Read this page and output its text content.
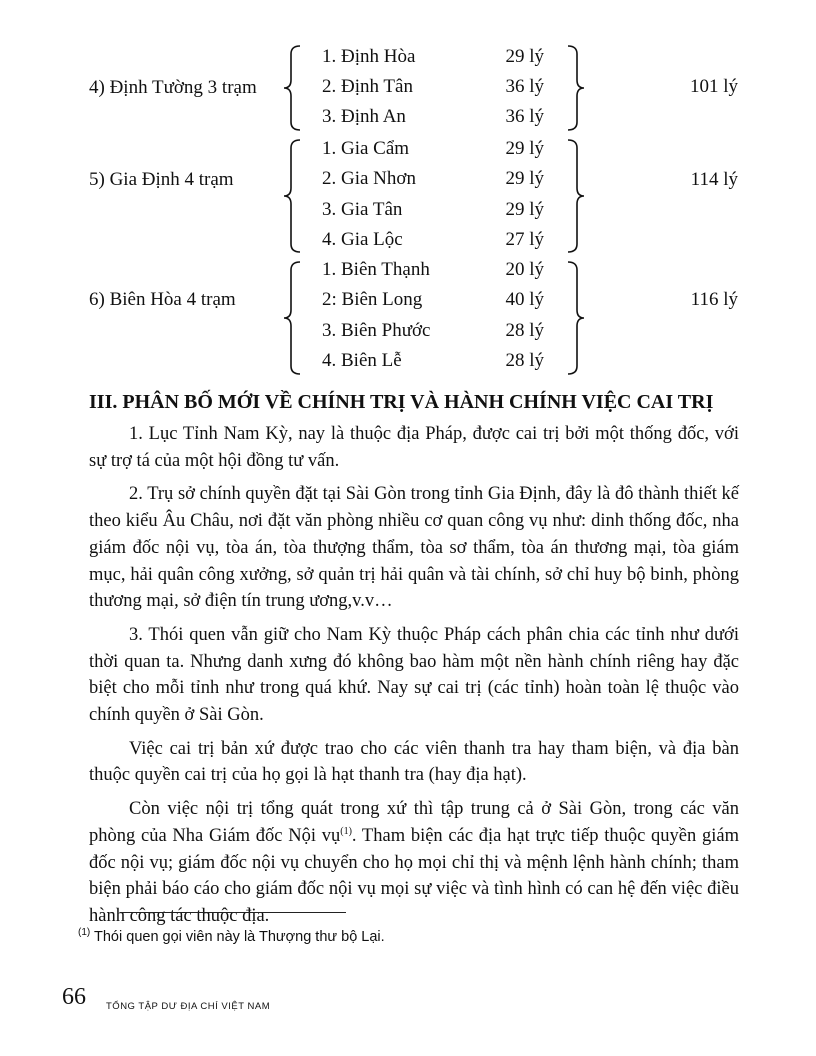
4) Định Tường 3 trạm
1. Định Hòa	29 lý
2. Định Tân	36 lý
3. Định An	36 lý
101 lý
5) Gia Định 4 trạm
1. Gia Cẩm	29 lý
2. Gia Nhơn	29 lý
3. Gia Tân	29 lý
4. Gia Lộc	27 lý
114 lý
6) Biên Hòa 4 trạm
1. Biên Thạnh	20 lý
2: Biên Long	40 lý
3. Biên Phước	28 lý
4. Biên Lễ	28 lý
116 lý
III. PHÂN BỐ MỚI VỀ CHÍNH TRỊ VÀ HÀNH CHÍNH VIỆC CAI TRỊ

1. Lục Tỉnh Nam Kỳ, nay là thuộc địa Pháp, được cai trị bởi một thống đốc, với sự trợ tá của một hội đồng tư vấn.

2. Trụ sở chính quyền đặt tại Sài Gòn trong tỉnh Gia Định, đây là đô thành thiết kế theo kiểu Âu Châu, nơi đặt văn phòng nhiều cơ quan công vụ như: dinh thống đốc, nha giám đốc nội vụ, tòa án, tòa thượng thẩm, tòa sơ thẩm, tòa án thương mại, tòa giám mục, hải quân công xưởng, sở quản trị hải quân và tài chính, sở chỉ huy bộ binh, phòng thương mại, sở điện tín trung ương,v.v…

3. Thói quen vẫn giữ cho Nam Kỳ thuộc Pháp cách phân chia các tỉnh như dưới thời quan ta. Nhưng danh xưng đó không bao hàm một nền hành chính riêng hay đặc biệt cho mỗi tỉnh như trong quá khứ. Nay sự cai trị (các tỉnh) hoàn toàn lệ thuộc vào chính quyền ở Sài Gòn.

Việc cai trị bản xứ được trao cho các viên thanh tra hay tham biện, và địa bàn thuộc quyền cai trị của họ gọi là hạt thanh tra (hay địa hạt).

Còn việc nội trị tổng quát trong xứ thì tập trung cả ở Sài Gòn, trong các văn phòng của Nha Giám đốc Nội vụ$^{(1)}$. Tham biện các địa hạt trực tiếp thuộc quyền giám đốc nội vụ; giám đốc nội vụ chuyển cho họ mọi chỉ thị và mệnh lệnh hành chính; tham biện phải báo cáo cho giám đốc nội vụ mọi sự việc và tình hình có can hệ đến việc điều hành công tác thuộc địa.

$^{(1)}$ Thói quen gọi viên này là Thượng thư bộ Lại.
66 TỔNG TẬP DƯ ĐỊA CHÍ VIỆT NAM
